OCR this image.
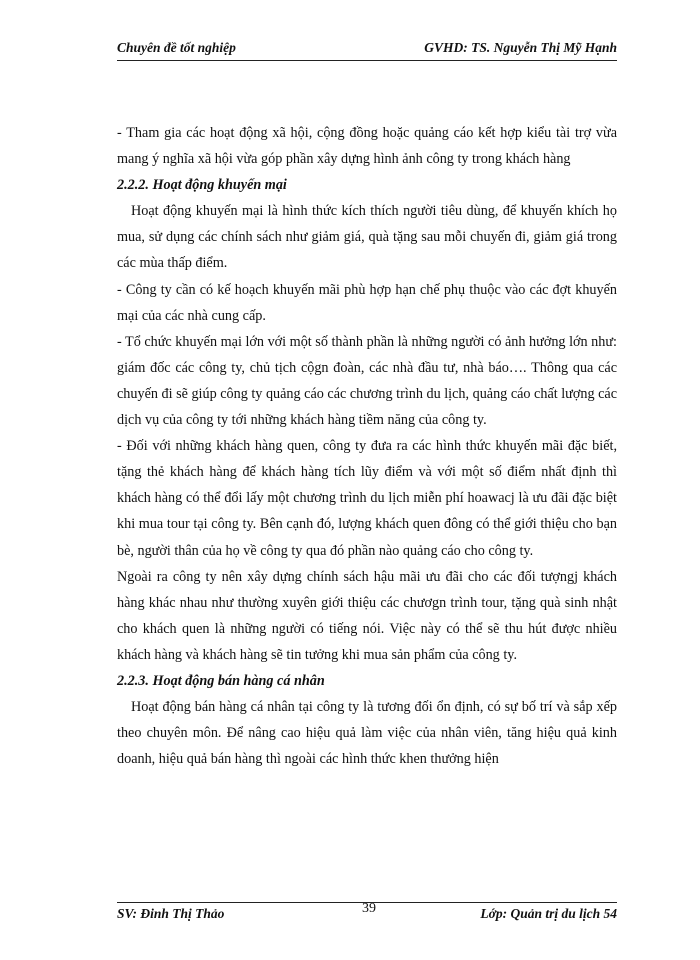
Chuyên đề tốt nghiệp	GVHD: TS. Nguyễn Thị Mỹ Hạnh

- Tham gia các hoạt động xã hội, cộng đồng hoặc quảng cáo kết hợp kiểu tài trợ vừa mang ý nghĩa xã hội vừa góp phần xây dựng hình ảnh công ty trong khách hàng

2.2.2. Hoạt động khuyến mại

Hoạt động khuyến mại là hình thức kích thích người tiêu dùng, để khuyến khích họ mua, sử dụng các chính sách như giảm giá, quà tặng sau mỗi chuyến đi, giảm giá trong các mùa thấp điểm.

- Công ty cần có kế hoạch khuyến mãi phù hợp hạn chế phụ thuộc vào các đợt khuyến mại của các nhà cung cấp.

- Tổ chức khuyến mại lớn với một số thành phần là những người có ảnh hưởng lớn như: giám đốc các công ty, chủ tịch cộgn đoàn, các nhà đầu tư, nhà báo…. Thông qua các chuyến đi sẽ giúp công ty quảng cáo các chương trình du lịch, quảng cáo chất lượng các dịch vụ của công ty tới những khách hàng tiềm năng của công ty.

- Đối với những khách hàng quen, công ty đưa ra các hình thức khuyến mãi đặc biết, tặng thẻ khách hàng để khách hàng tích lũy điểm và với một số điểm nhất định thì khách hàng có thể đổi lấy một chương trình du lịch miễn phí hoawacj là ưu đãi đặc biệt khi mua tour tại công ty. Bên cạnh đó, lượng khách quen đông có thể giới thiệu cho bạn bè, người thân của họ về công ty qua đó phần nào quảng cáo cho công ty.

Ngoài ra công ty nên xây dựng chính sách hậu mãi ưu đãi cho các đối tượngj khách hàng khác nhau như thường xuyên giới thiệu các chươgn trình tour, tặng quà sinh nhật cho khách quen là những người có tiếng nói. Việc này có thể sẽ thu hút được nhiều khách hàng và khách hàng sẽ tin tưởng khi mua sản phẩm của công ty.

2.2.3. Hoạt động bán hàng cá nhân

Hoạt động bán hàng cá nhân tại công ty là tương đối ổn định, có sự bố trí và sắp xếp theo chuyên môn. Để nâng cao hiệu quả làm việc của nhân viên, tăng hiệu quả kinh doanh, hiệu quả bán hàng thì ngoài các hình thức khen thưởng hiện

SV: Đinh Thị Thảo	39	Lớp: Quản trị du lịch 54
